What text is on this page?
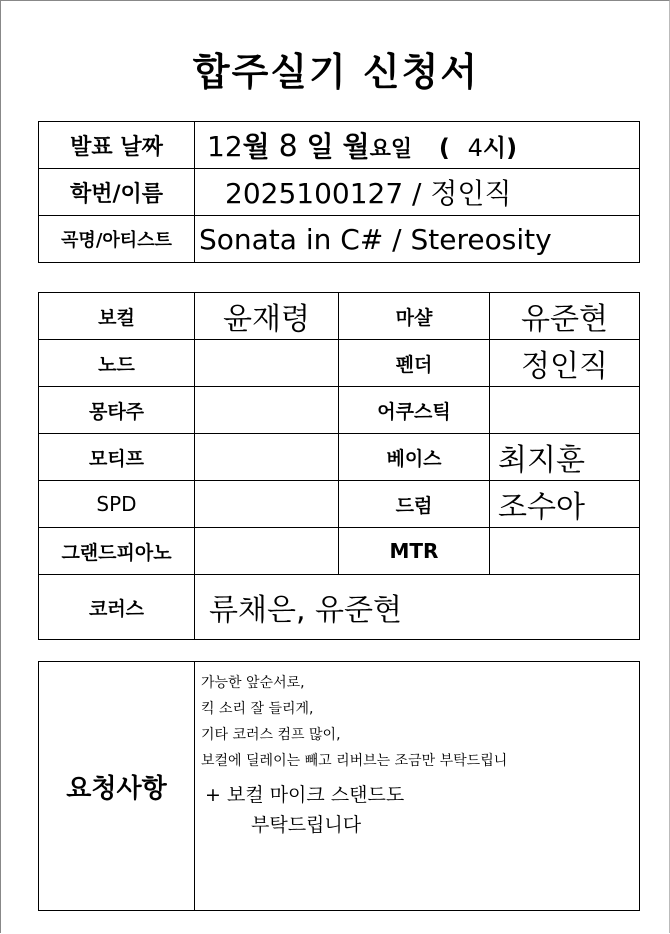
합주실기 신청서
발표 날짜	12월 8 일 월요일 ( 4시)
학번/이름	2025100127 / 정인직
곡명/아티스트	Sonata in C# / Stereosity
보컬	윤재령	마샬	유준현
노드		펜더	정인직
몽타주		어쿠스틱	
모티프		베이스	최지훈
SPD		드럼	조수아
그랜드피아노		MTR	
코러스	류채은, 유준현		
요청사항	
가능한 앞순서로,
킥 소리 잘 들리게,
기타 코러스 컴프 많이,
보컬에 딜레이는 빼고 리버브는 조금만 부탁드립니
+ 보컬 마이크 스탠드도
부탁드립니다
